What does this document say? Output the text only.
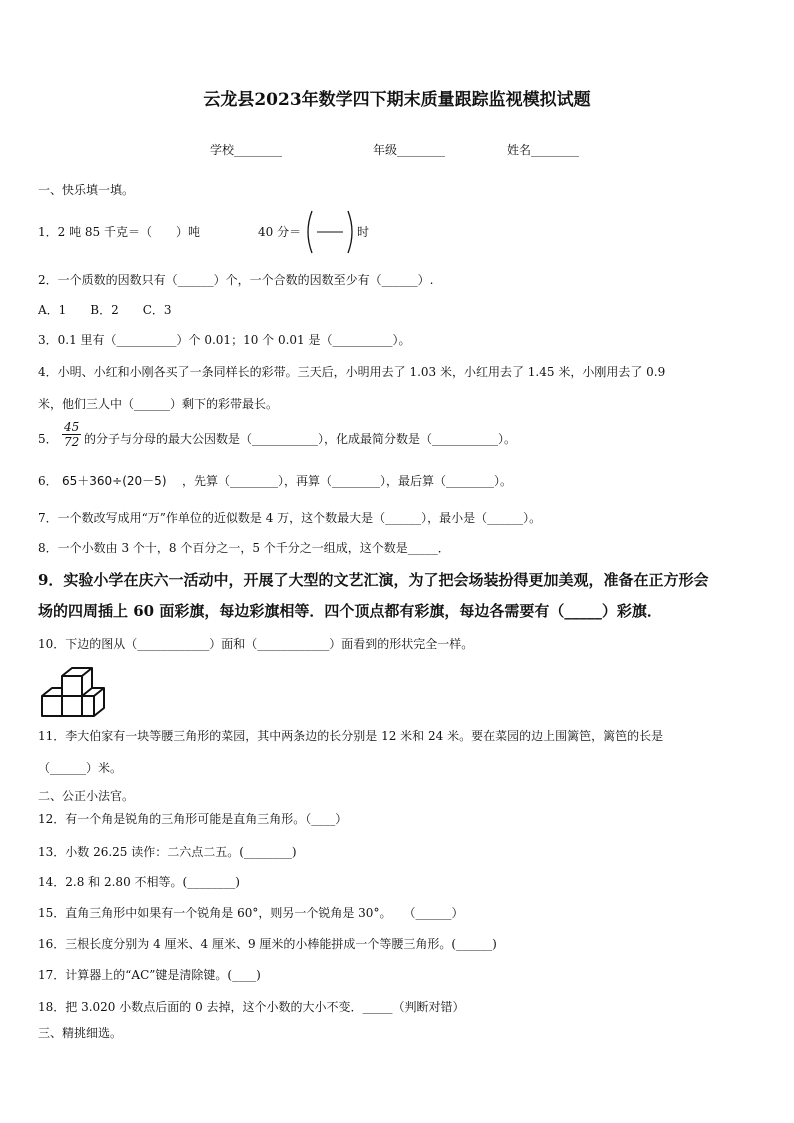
云龙县2023年数学四下期末质量跟踪监视模拟试题
学校________	年级________	姓名________
一、快乐填一填。
1．2 吨 85 千克＝（　　）吨	40 分＝	时
2．一个质数的因数只有（______）个，一个合数的因数至少有（______）.
A．1　　B．2　　C．3
3．0.1 里有（__________）个 0.01；10 个 0.01 是（__________）。
4．小明、小红和小刚各买了一条同样长的彩带。三天后，小明用去了 1.03 米，小红用去了 1.45 米，小刚用去了 0.9
米，他们三人中（______）剩下的彩带最长。
5． $\frac{45}{72}$ 的分子与分母的最大公因数是（___________），化成最简分数是（___________）。
6． 65＋360÷(20－5) ，先算（________），再算（________），最后算（________）。
7．一个数改写成用“万”作单位的近似数是 4 万，这个数最大是（______），最小是（______）。
8．一个小数由 3 个十，8 个百分之一，5 个千分之一组成，这个数是_____．
9．实验小学在庆六一活动中，开展了大型的文艺汇演，为了把会场装扮得更加美观，准备在正方形会
场的四周插上 60 面彩旗，每边彩旗相等．四个顶点都有彩旗，每边各需要有（_____）彩旗．
10．下边的图从（____________）面和（____________）面看到的形状完全一样。
11．李大伯家有一块等腰三角形的菜园，其中两条边的长分别是 12 米和 24 米。要在菜园的边上围篱笆，篱笆的长是
（______）米。
二、公正小法官。
12．有一个角是锐角的三角形可能是直角三角形。（____）
13．小数 26.25 读作：二六点二五。(________)
14．2.8 和 2.80 不相等。(________)
15．直角三角形中如果有一个锐角是 60°，则另一个锐角是 30°。　　（______）
16．三根长度分别为 4 厘米、4 厘米、9 厘米的小棒能拼成一个等腰三角形。(______)
17．计算器上的“AC”键是清除键。(____)
18．把 3.020 小数点后面的 0 去掉，这个小数的大小不变．_____（判断对错）
三、精挑细选。
